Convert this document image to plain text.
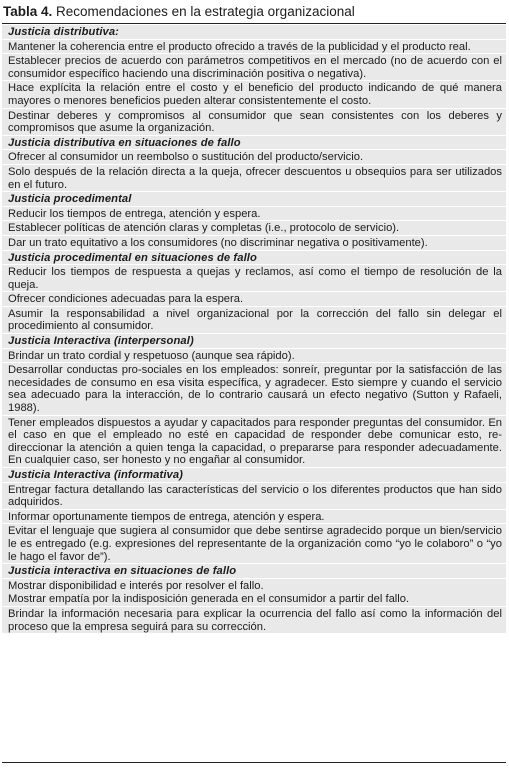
Tabla 4. Recomendaciones en la estrategia organizacional
Justicia distributiva:
Mantener la coherencia entre el producto ofrecido a través de la publicidad y el producto real.
Establecer precios de acuerdo con parámetros competitivos en el mercado (no de acuerdo con el consumidor específico haciendo una discriminación positiva o negativa).
Hace explícita la relación entre el costo y el beneficio del producto indicando de qué manera mayores o menores beneficios pueden alterar consistentemente el costo.
Destinar deberes y compromisos al consumidor que sean consistentes con los deberes y compromisos que asume la organización.
Justicia distributiva en situaciones de fallo
Ofrecer al consumidor un reembolso o sustitución del producto/servicio.
Solo después de la relación directa a la queja, ofrecer descuentos u obsequios para ser utilizados en el futuro.
Justicia procedimental
Reducir los tiempos de entrega, atención y espera.
Establecer políticas de atención claras y completas (i.e., protocolo de servicio).
Dar un trato equitativo a los consumidores (no discriminar negativa o positivamente).
Justicia procedimental en situaciones de fallo
Reducir los tiempos de respuesta a quejas y reclamos, así como el tiempo de resolución de la queja.
Ofrecer condiciones adecuadas para la espera.
Asumir la responsabilidad a nivel organizacional por la corrección del fallo sin delegar el procedimiento al consumidor.
Justicia Interactiva (interpersonal)
Brindar un trato cordial y respetuoso (aunque sea rápido).
Desarrollar conductas pro-sociales en los empleados: sonreír, preguntar por la satisfacción de las necesidades de consumo en esa visita específica, y agradecer. Esto siempre y cuando el servicio sea adecuado para la interacción, de lo contrario causará un efecto negativo (Sutton y Rafaeli, 1988).
Tener empleados dispuestos a ayudar y capacitados para responder preguntas del consumidor. En el caso en que el empleado no esté en capacidad de responder debe comunicar esto, re-direccionar la atención a quien tenga la capacidad, o prepararse para responder adecuadamente. En cualquier caso, ser honesto y no engañar al consumidor.
Justicia Interactiva (informativa)
Entregar factura detallando las características del servicio o los diferentes productos que han sido adquiridos.
Informar oportunamente tiempos de entrega, atención y espera.
Evitar el lenguaje que sugiera al consumidor que debe sentirse agradecido porque un bien/servicio le es entregado (e.g. expresiones del representante de la organización como “yo le colaboro” o “yo le hago el favor de”).
Justicia interactiva en situaciones de fallo
Mostrar disponibilidad e interés por resolver el fallo.
Mostrar empatía por la indisposición generada en el consumidor a partir del fallo.
Brindar la información necesaria para explicar la ocurrencia del fallo así como la información del proceso que la empresa seguirá para su corrección.
